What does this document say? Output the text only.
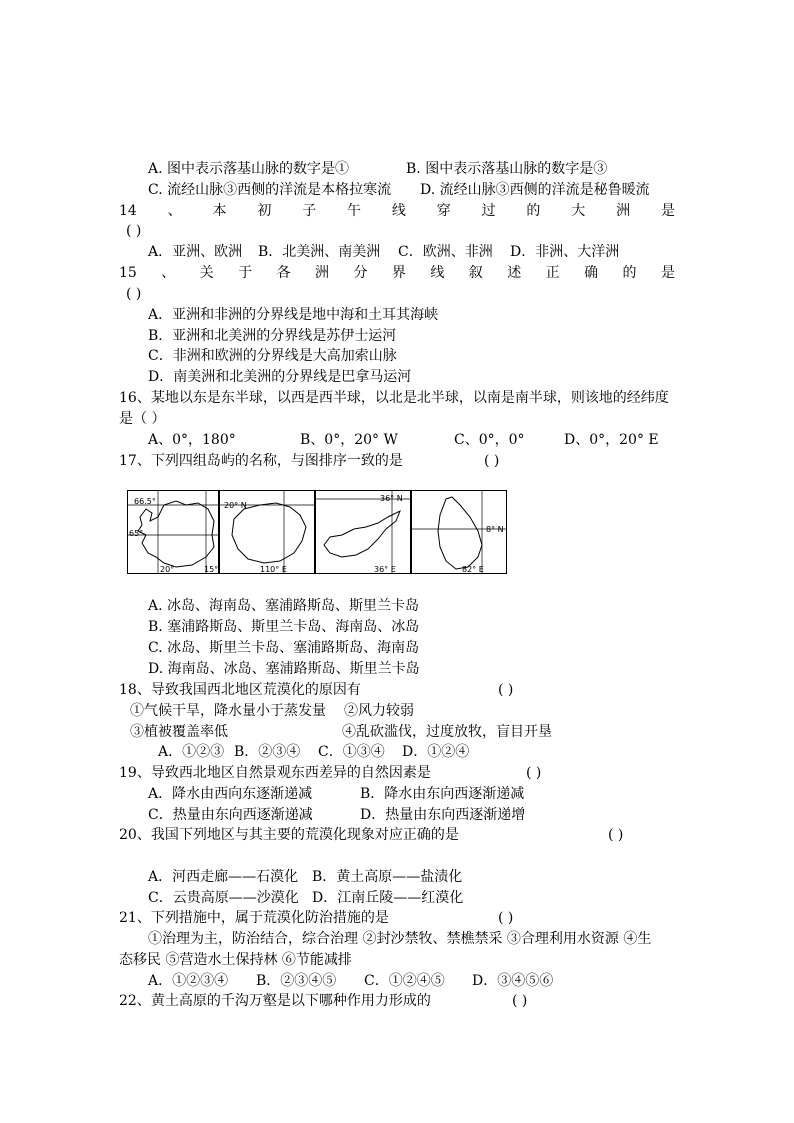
A. 图中表示落基山脉的数字是①	B. 图中表示落基山脉的数字是③
C. 流经山脉③西侧的洋流是本格拉寒流 D. 流经山脉③西侧的洋流是秘鲁暖流
14 、 本 初 子 午 线 穿 过 的 大 洲 是
( )
A．亚洲、欧洲 B．北美洲、南美洲 C．欧洲、非洲 D．非洲、大洋洲
15 、 关 于 各 洲 分 界 线 叙 述 正 确 的 是
( )
A．亚洲和非洲的分界线是地中海和土耳其海峡
B．亚洲和北美洲的分界线是苏伊士运河
C．非洲和欧洲的分界线是大高加索山脉
D．南美洲和北美洲的分界线是巴拿马运河
16、某地以东是东半球，以西是西半球，以北是北半球，以南是南半球，则该地的经纬度
是（ ）
A、0°，180°	B、0°，20° W	C、0°，0°	D、0°，20° E
17、下列四组岛屿的名称，与图排序一致的是	( )
66.5°
65°
20°	15°
20° N
110° E
36° N
36° E
8° N
82° E
A. 冰岛、海南岛、塞浦路斯岛、斯里兰卡岛
B. 塞浦路斯岛、斯里兰卡岛、海南岛、冰岛
C. 冰岛、斯里兰卡岛、塞浦路斯岛、海南岛
D. 海南岛、冰岛、塞浦路斯岛、斯里兰卡岛
18、导致我国西北地区荒漠化的原因有	( )
①气候干旱，降水量小于蒸发量 ②风力较弱
③植被覆盖率低	④乱砍滥伐，过度放牧，盲目开垦
A．①②③ B．②③④ C．①③④ D．①②④
19、导致西北地区自然景观东西差异的自然因素是	( )
A．降水由西向东逐渐递减	B．降水由东向西逐渐递减
C．热量由东向西逐渐递减	D．热量由东向西逐渐递增
20、我国下列地区与其主要的荒漠化现象对应正确的是	( )
A．河西走廊——石漠化 B．黄土高原——盐渍化
C．云贵高原——沙漠化 D．江南丘陵——红漠化
21、下列措施中，属于荒漠化防治措施的是	( )
①治理为主，防治结合，综合治理 ②封沙禁牧、禁樵禁采 ③合理利用水资源 ④生
态移民 ⑤营造水土保持林 ⑥节能减排
A．①②③④ B．②③④⑤ C．①②④⑤ D．③④⑤⑥
22、黄土高原的千沟万壑是以下哪种作用力形成的	( )
